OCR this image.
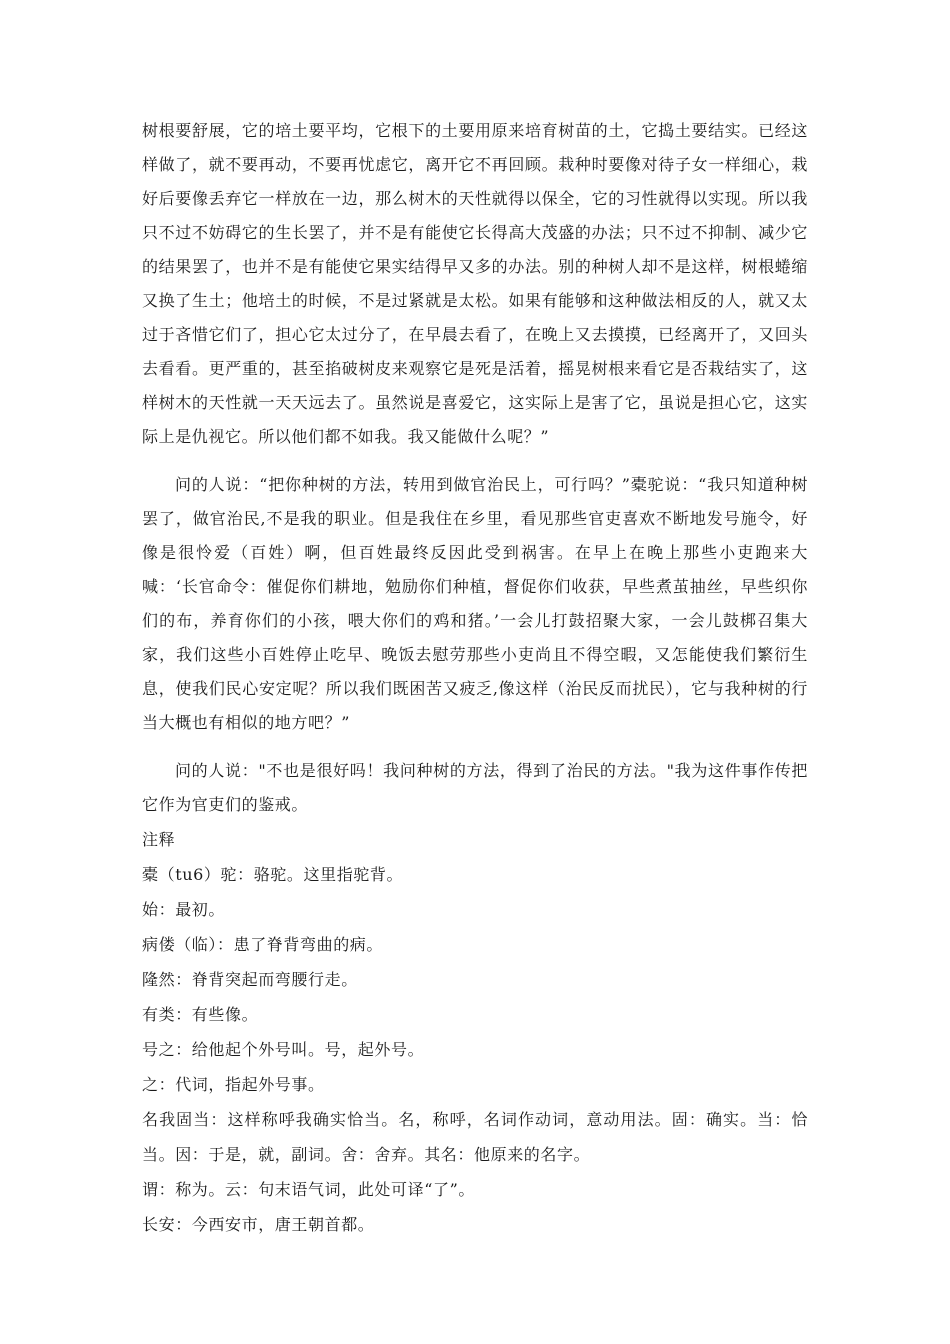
树根要舒展，它的培土要平均，它根下的土要用原来培育树苗的土，它捣土要结实。已经这样做了，就不要再动，不要再忧虑它，离开它不再回顾。栽种时要像对待子女一样细心，栽好后要像丢弃它一样放在一边，那么树木的天性就得以保全，它的习性就得以实现。所以我只不过不妨碍它的生长罢了，并不是有能使它长得高大茂盛的办法；只不过不抑制、减少它的结果罢了，也并不是有能使它果实结得早又多的办法。别的种树人却不是这样，树根蜷缩又换了生土；他培土的时候，不是过紧就是太松。如果有能够和这种做法相反的人，就又太过于吝惜它们了，担心它太过分了，在早晨去看了，在晚上又去摸摸，已经离开了，又回头去看看。更严重的，甚至掐破树皮来观察它是死是活着，摇晃树根来看它是否栽结实了，这样树木的天性就一天天远去了。虽然说是喜爱它，这实际上是害了它，虽说是担心它，这实际上是仇视它。所以他们都不如我。我又能做什么呢？”

问的人说：“把你种树的方法，转用到做官治民上，可行吗？”橐驼说：“我只知道种树罢了，做官治民,不是我的职业。但是我住在乡里，看见那些官吏喜欢不断地发号施令，好像是很怜爱（百姓）啊，但百姓最终反因此受到祸害。在早上在晚上那些小吏跑来大喊：‘长官命令：催促你们耕地，勉励你们种植，督促你们收获，早些煮茧抽丝，早些织你们的布，养育你们的小孩，喂大你们的鸡和猪。’一会儿打鼓招聚大家，一会儿鼓梆召集大家，我们这些小百姓停止吃早、晚饭去慰劳那些小吏尚且不得空暇，又怎能使我们繁衍生息，使我们民心安定呢？所以我们既困苦又疲乏,像这样（治民反而扰民），它与我种树的行当大概也有相似的地方吧？”

问的人说："不也是很好吗！我问种树的方法，得到了治民的方法。"我为这件事作传把它作为官吏们的鉴戒。

注释

橐（tu6）驼：骆驼。这里指驼背。

始：最初。

病偻（临）：患了脊背弯曲的病。

隆然：脊背突起而弯腰行走。

有类：有些像。

号之：给他起个外号叫。号，起外号。

之：代词，指起外号事。

名我固当：这样称呼我确实恰当。名，称呼，名词作动词，意动用法。固：确实。当：恰当。因：于是，就，副词。舍：舍弃。其名：他原来的名字。

谓：称为。云：句末语气词，此处可译“了”。

长安：今西安市，唐王朝首都。
